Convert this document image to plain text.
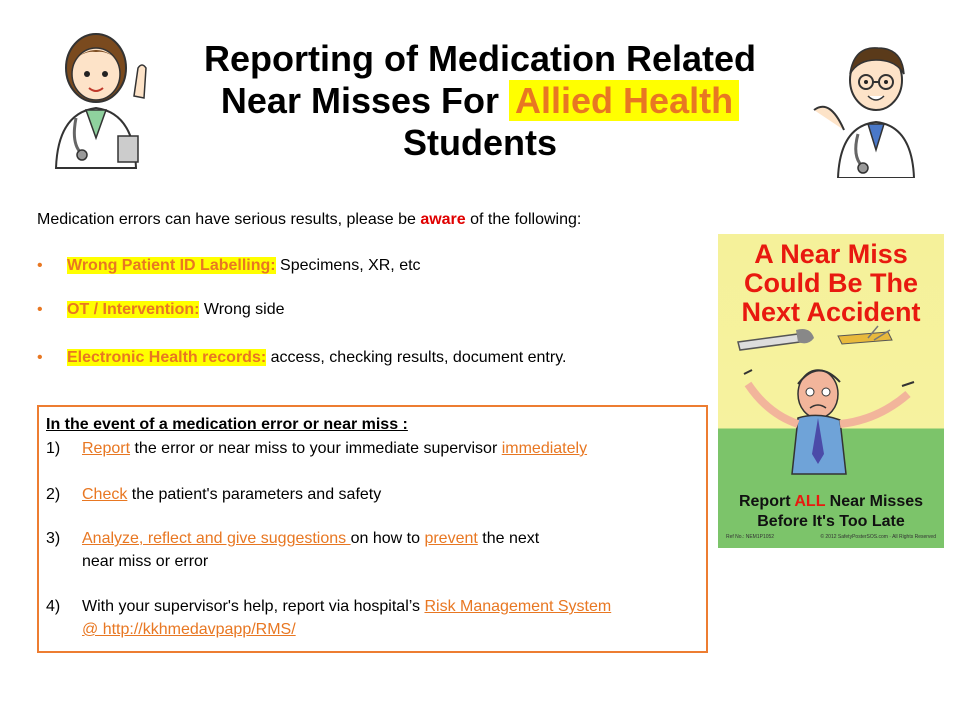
Reporting of Medication Related
Near Misses For Allied Health
Students
Medication errors can have serious results, please be aware of the following:
• Wrong Patient ID Labelling: Specimens, XR, etc
• OT / Intervention: Wrong side
• Electronic Health records: access, checking results, document entry.
In the event of a medication error or near miss :
1) Report the error or near miss to your immediate supervisor immediately
2) Check the patient's parameters and safety
3) Analyze, reflect and give suggestions on how to prevent the next
near miss or error
4) With your supervisor's help, report via hospital’s Risk Management System
@ http://kkhmedavpapp/RMS/
A Near Miss
Could Be The
Next Accident
Report ALL Near Misses
Before It's Too Late
Ref No.: NEM1P1052	© 2012 SafetyPosterSOS.com · All Rights Reserved
